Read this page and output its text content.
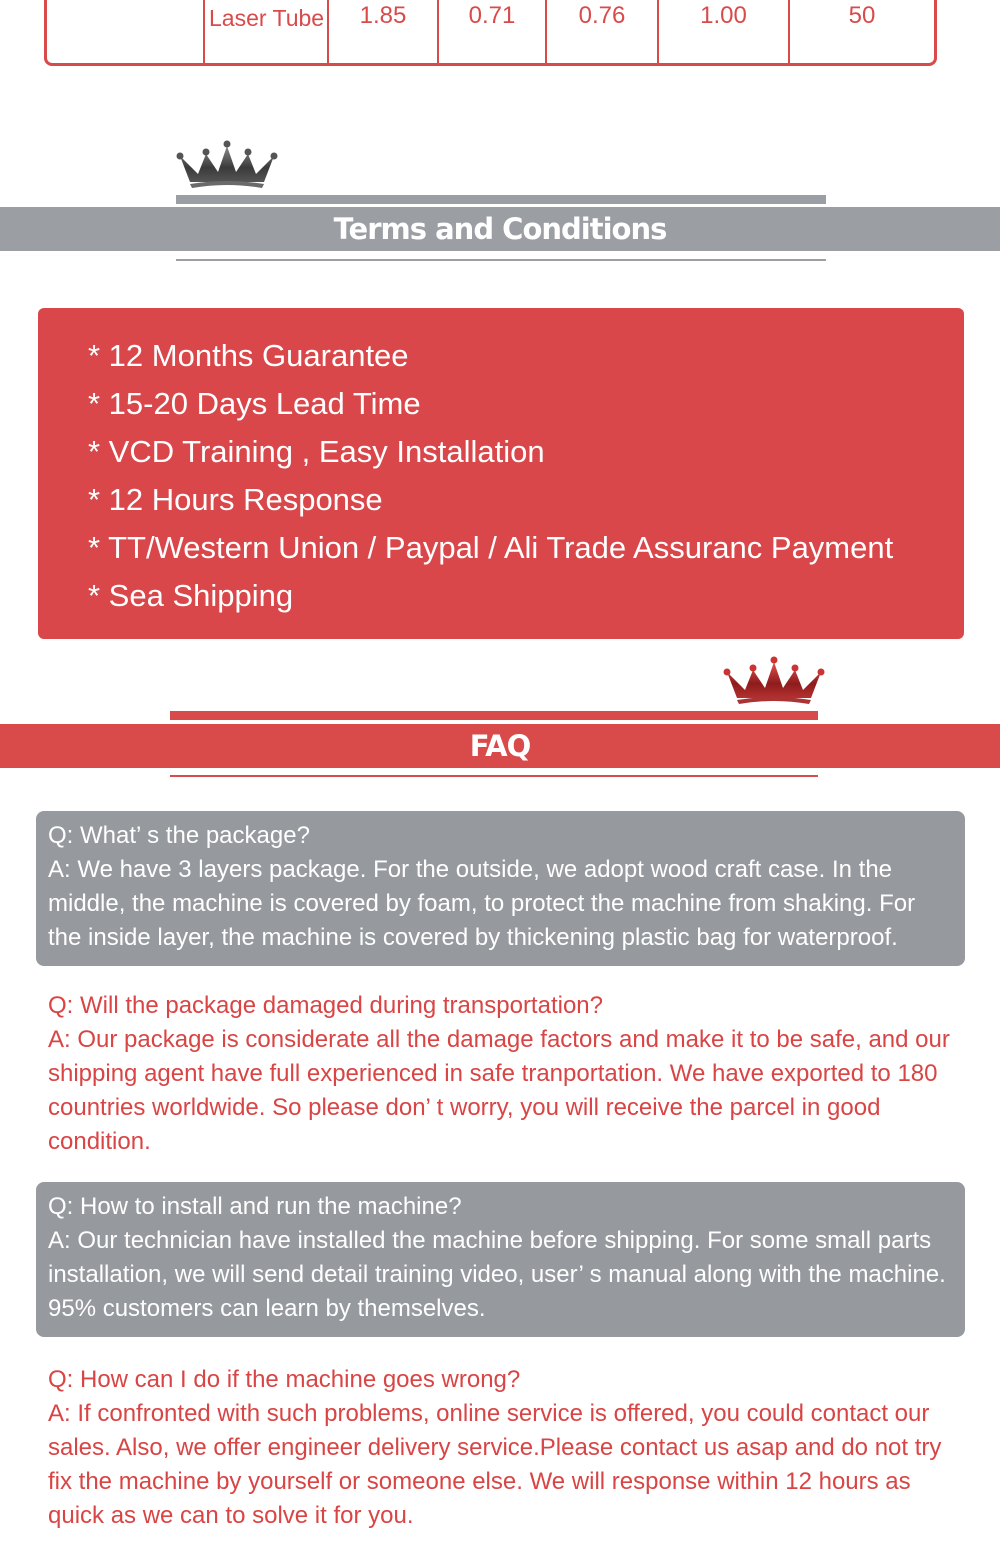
Laser Tube	1.85	0.71	0.76	1.00	50
Terms and Conditions
* 12 Months Guarantee
* 15-20 Days Lead Time
* VCD Training , Easy Installation
* 12 Hours Response
* TT/Western Union / Paypal / Ali Trade Assuranc Payment
* Sea Shipping
FAQ

Q: What’ s the package?

A: We have 3 layers package. For the outside, we adopt wood craft case. In the middle, the machine is covered by foam, to protect the machine from shaking. For the inside layer, the machine is covered by thickening plastic bag for waterproof.

Q: Will the package damaged during transportation?

A: Our package is considerate all the damage factors and make it to be safe, and our shipping agent have full experienced in safe tranportation. We have exported to 180 countries worldwide. So please don’ t worry, you will receive the parcel in good condition.

Q: How to install and run the machine?

A: Our technician have installed the machine before shipping. For some small parts installation, we will send detail training video, user’ s manual along with the machine. 95% customers can learn by themselves.

Q: How can I do if the machine goes wrong?

A: If confronted with such problems, online service is offered, you could contact our sales. Also, we offer engineer delivery service.Please contact us asap and do not try fix the machine by yourself or someone else. We will response within 12 hours as quick as we can to solve it for you.
